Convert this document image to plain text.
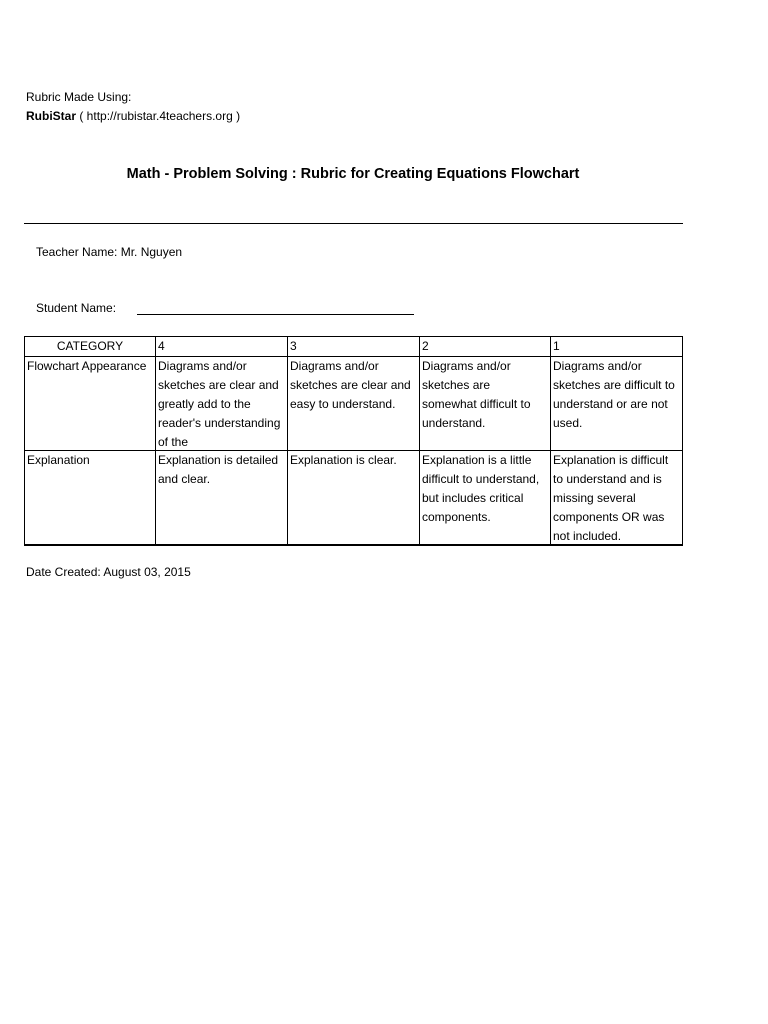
Rubric Made Using:
RubiStar ( http://rubistar.4teachers.org )
Math - Problem Solving : Rubric for Creating Equations Flowchart
Teacher Name: Mr. Nguyen
Student Name:
CATEGORY	4	3	2	1

Flowchart Appearance	Diagrams and/or sketches are clear and greatly add to the reader's understanding of the	Diagrams and/or sketches are clear and easy to understand.	Diagrams and/or sketches are somewhat difficult to understand.	Diagrams and/or sketches are difficult to understand or are not used.

Explanation	Explanation is detailed and clear.	Explanation is clear.	Explanation is a little difficult to understand, but includes critical components.	Explanation is difficult to understand and is missing several components OR was not included.
Date Created: August 03, 2015
